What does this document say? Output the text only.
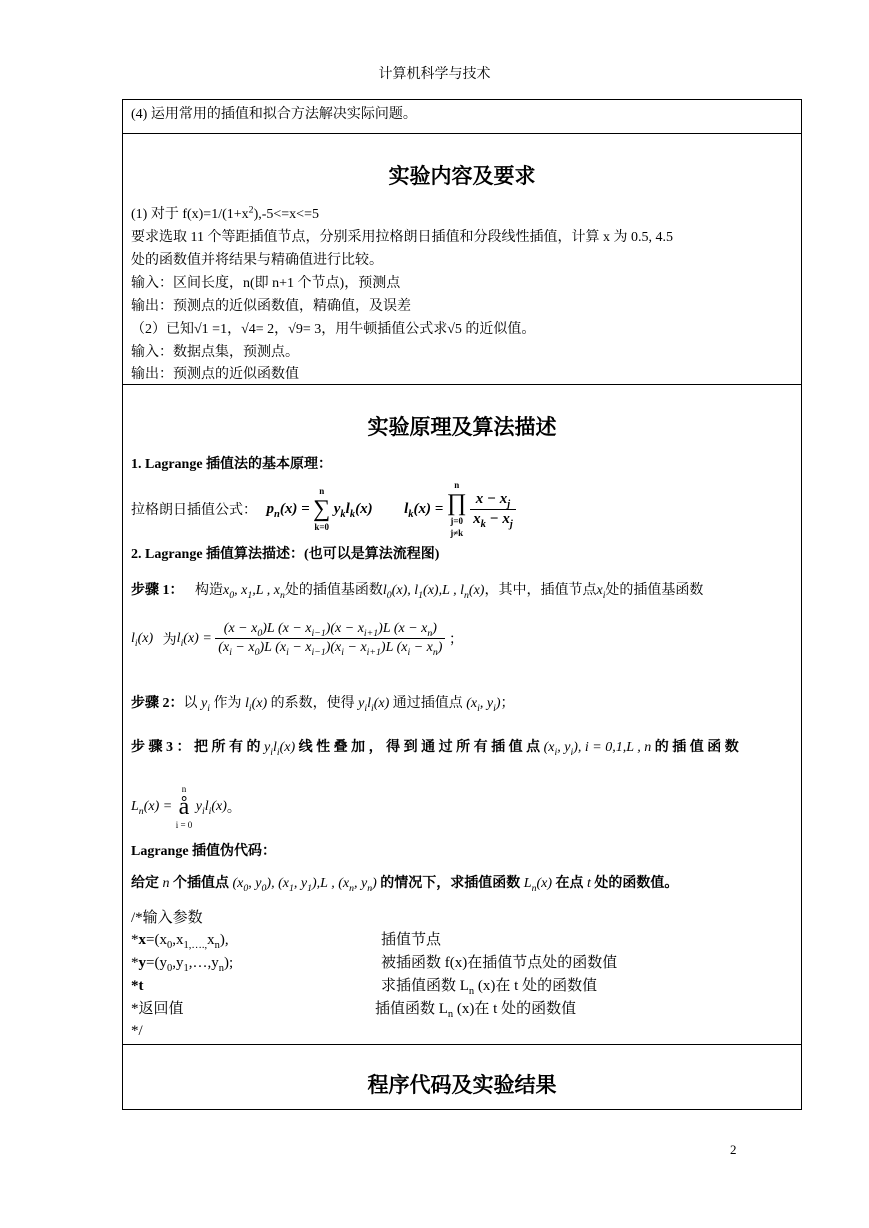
计算机科学与技术
(4) 运用常用的插值和拟合方法解决实际问题。
实验内容及要求
(1) 对于 $f(x)=1/(1+x^2),-5<=x<=5$
要求选取 11 个等距插值节点，分别采用拉格朗日插值和分段线性插值，计算 x 为 0.5, 4.5
处的函数值并将结果与精确值进行比较。
输入：区间长度，n(即 n+1 个节点)，预测点
输出：预测点的近似函数值，精确值，及误差
（2）已知√1 =1，√4= 2，√9= 3，用牛顿插值公式求√5 的近似值。
输入：数据点集，预测点。
输出：预测点的近似函数值
实验原理及算法描述
1. Lagrange 插值法的基本原理：
拉格朗日插值公式： $p_n(x)$ =
n
∑
k=0
$y_kl_k(x) l_k(x)$ =
n
∏
j=0
j≠k

$\frac{x - x_j}{x_k - x_j}$
2. Lagrange 插值算法描述：(也可以是算法流程图)
步骤 1： 构造$x_0$, $x_1,L$ , $x_n$处的插值基函数$l_0(x)$, $l_1(x),L$ , $l_n(x)$，其中，插值节点$x_i$处的插值基函数
$l_i(x)$ 为$l_i(x) = \frac{(x - x_0)L (x - x_{i-1})(x - x_{i+1})L (x - x_n)}{(x_i - x_0)L (x_i - x_{i-1})(x_i - x_{i+1})L (x_i - x_n)}$ ；
步骤 2：以 $y_i$ 作为 $l_i(x)$ 的系数，使得 $y_il_i(x)$ 通过插值点 ($x_i$, $y_i$)；
步 骤 3 ： 把 所 有 的 $y_il_i(x)$ 线 性 叠 加 ， 得 到 通 过 所 有 插 值 点 ($x_i$, $y_i$), i = 0,1,L , n 的 插 值 函 数
$L_n(x)$ =
n
å
i = 0
$y_il_i(x)$。
Lagrange 插值伪代码：
给定 n 个插值点 ($x_0$, $y_0$), ($x_1$, $y_1),L$ , ($x_n$, $y_n$) 的情况下，求插值函数 $L_n(x)$ 在点 t 处的函数值。
/*输入参数
$*x=(x_0,x_{1,\dots.,}x_n)$,	插值节点
$*y=(y_0,y_1,\dots,y_n)$;	被插函数 f(x)在插值节点处的函数值
*t	求插值函数 $L_n$ (x)在 t 处的函数值
*返回值	插值函数 $L_n$ (x)在 t 处的函数值
*/
程序代码及实验结果
2
